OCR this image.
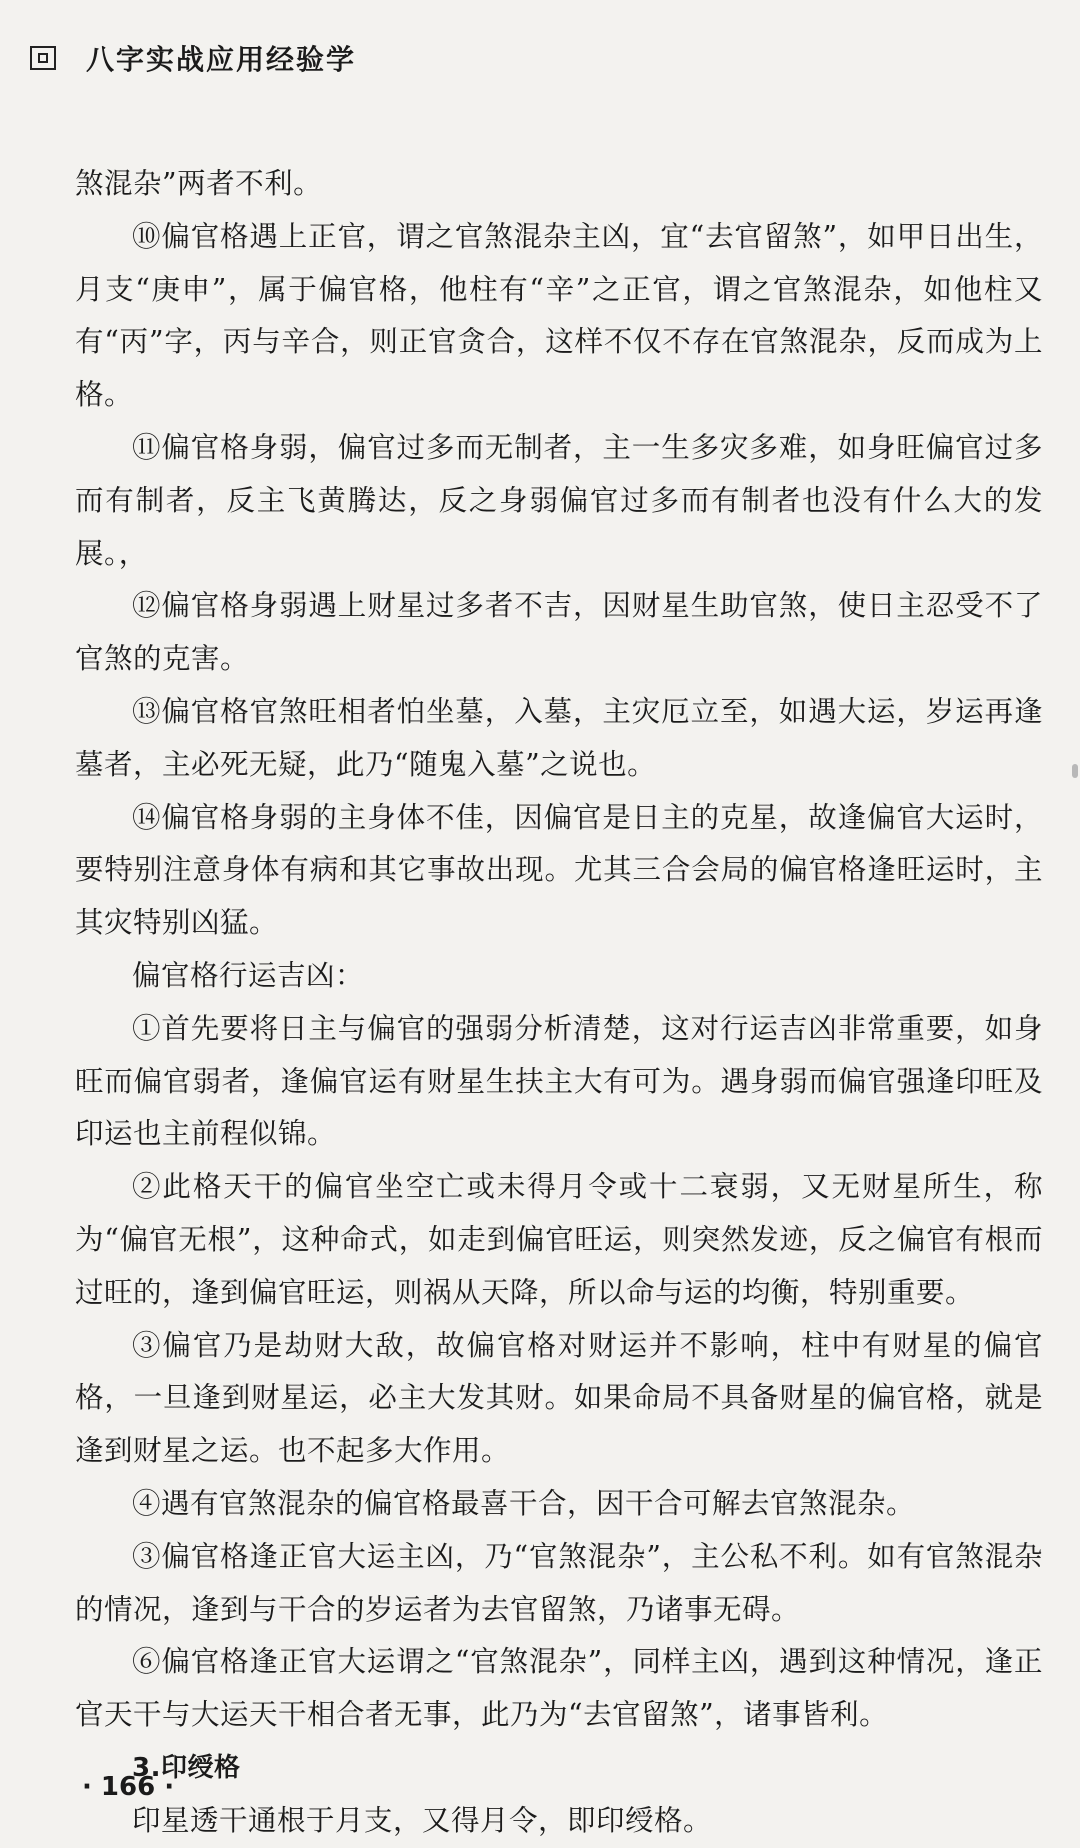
八字实战应用经验学

煞混杂”两者不利。

⑩偏官格遇上正官，谓之官煞混杂主凶，宜“去官留煞”，如甲日出生，月支“庚申”，属于偏官格，他柱有“辛”之正官，谓之官煞混杂，如他柱又有“丙”字，丙与辛合，则正官贪合，这样不仅不存在官煞混杂，反而成为上格。

⑪偏官格身弱，偏官过多而无制者，主一生多灾多难，如身旺偏官过多而有制者，反主飞黄腾达，反之身弱偏官过多而有制者也没有什么大的发展。，

⑫偏官格身弱遇上财星过多者不吉，因财星生助官煞，使日主忍受不了官煞的克害。

⑬偏官格官煞旺相者怕坐墓，入墓，主灾厄立至，如遇大运，岁运再逢墓者，主必死无疑，此乃“随鬼入墓”之说也。

⑭偏官格身弱的主身体不佳，因偏官是日主的克星，故逢偏官大运时，要特别注意身体有病和其它事故出现。尤其三合会局的偏官格逢旺运时，主其灾特别凶猛。

偏官格行运吉凶：

①首先要将日主与偏官的强弱分析清楚，这对行运吉凶非常重要，如身旺而偏官弱者，逢偏官运有财星生扶主大有可为。遇身弱而偏官强逢印旺及印运也主前程似锦。

②此格天干的偏官坐空亡或未得月令或十二衰弱，又无财星所生，称为“偏官无根”，这种命式，如走到偏官旺运，则突然发迹，反之偏官有根而过旺的，逢到偏官旺运，则祸从天降，所以命与运的均衡，特别重要。

③偏官乃是劫财大敌，故偏官格对财运并不影响，柱中有财星的偏官格，一旦逢到财星运，必主大发其财。如果命局不具备财星的偏官格，就是逢到财星之运。也不起多大作用。

④遇有官煞混杂的偏官格最喜干合，因干合可解去官煞混杂。

③偏官格逢正官大运主凶，乃“官煞混杂”，主公私不利。如有官煞混杂的情况，逢到与干合的岁运者为去官留煞，乃诸事无碍。

⑥偏官格逢正官大运谓之“官煞混杂”，同样主凶，遇到这种情况，逢正官天干与大运天干相合者无事，此乃为“去官留煞”，诸事皆利。

3.印绶格

印星透干通根于月支，又得月令，即印绶格。

· 166 ·
